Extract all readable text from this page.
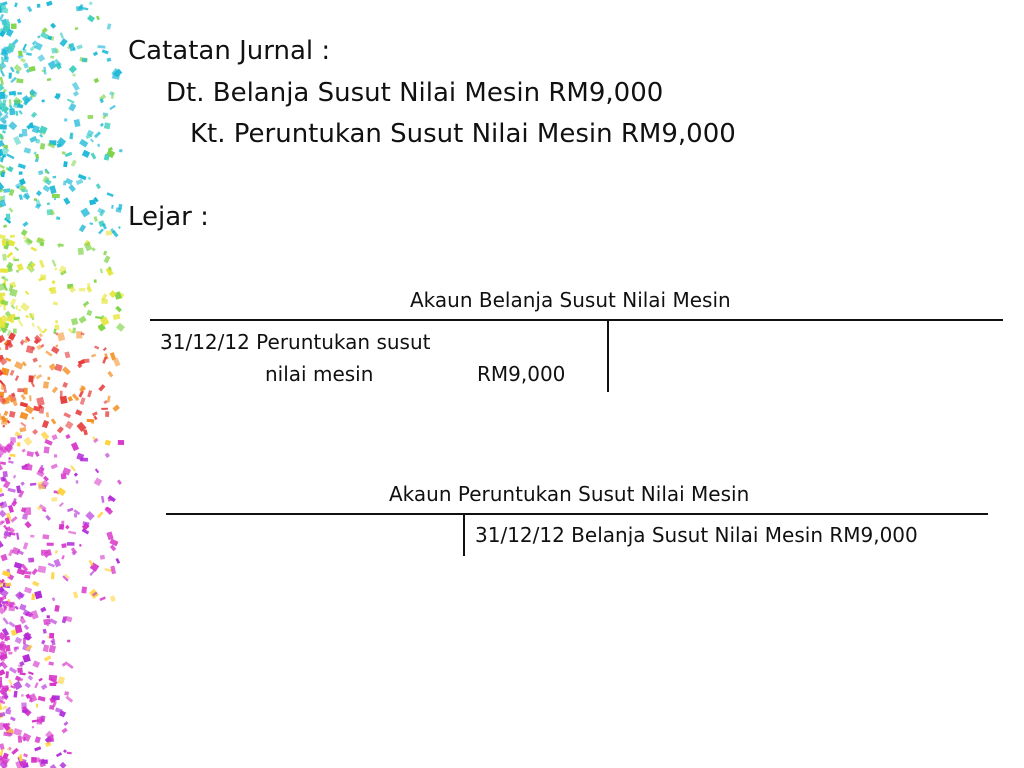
Catatan Jurnal :
Dt. Belanja Susut Nilai Mesin RM9,000
Kt. Peruntukan Susut Nilai Mesin RM9,000
Lejar :
Akaun Belanja Susut Nilai Mesin
31/12/12 Peruntukan susut
nilai mesin	RM9,000
Akaun Peruntukan Susut Nilai Mesin
31/12/12 Belanja Susut Nilai Mesin RM9,000
